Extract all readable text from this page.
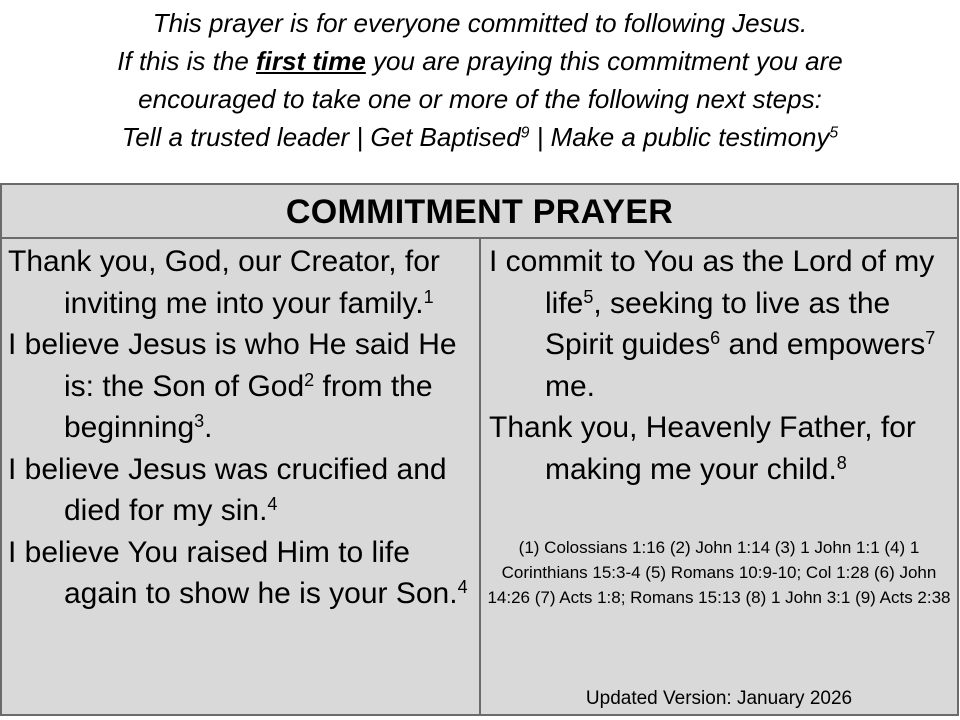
This prayer is for everyone committed to following Jesus.
If this is the first time you are praying this commitment you are
encouraged to take one or more of the following next steps:
Tell a trusted leader | Get Baptised$^9$ | Make a public testimony$^5$
COMMITMENT PRAYER

Thank you, God, our Creator, for inviting me into your family.$^1$

I believe Jesus is who He said He is: the Son of God$^2$ from the beginning$^3$.

I believe Jesus was crucified and died for my sin.$^4$

I believe You raised Him to life again to show he is your Son.$^4$

I commit to You as the Lord of my life$^5$, seeking to live as the Spirit guides$^6$ and empowers$^7$ me.

Thank you, Heavenly Father, for making me your child.$^8$

(1) Colossians 1:16 (2) John 1:14 (3) 1 John 1:1 (4) 1 Corinthians 15:3-4 (5) Romans 10:9-10; Col 1:28 (6) John 14:26 (7) Acts 1:8; Romans 15:13 (8) 1 John 3:1 (9) Acts 2:38
Updated Version: January 2026
